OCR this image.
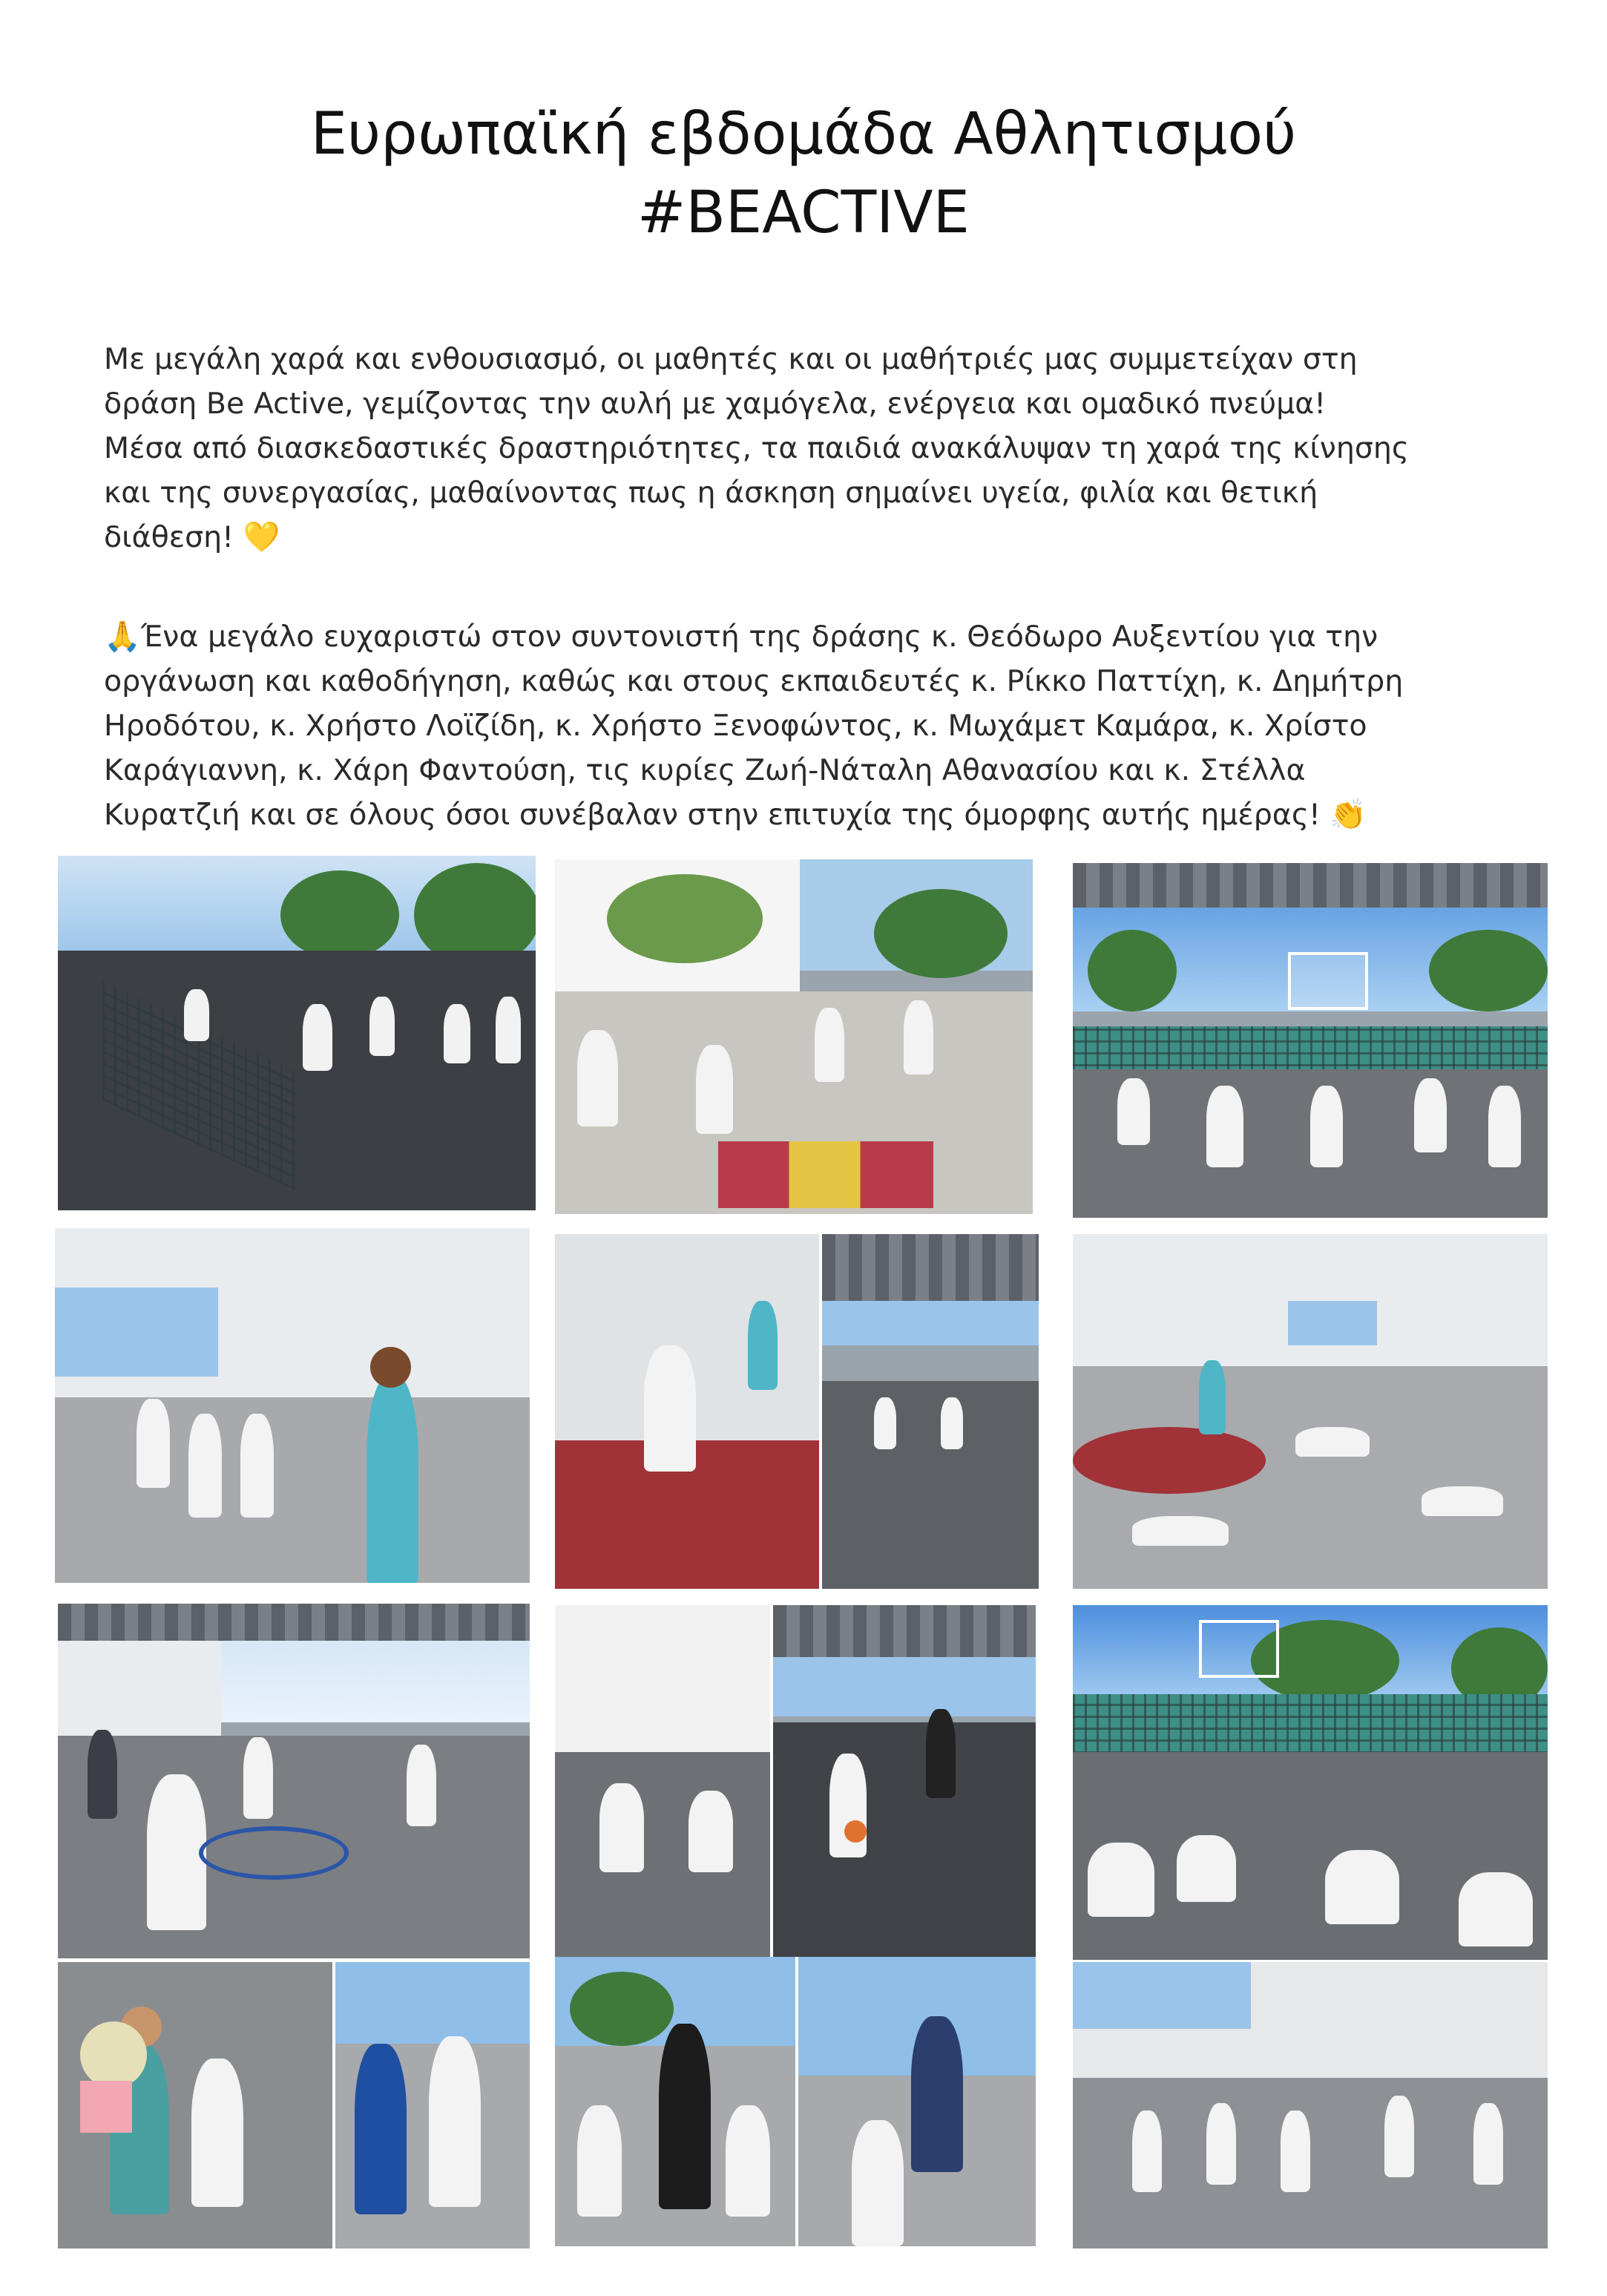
Ευρωπαϊκή εβδομάδα Αθλητισμού
#BEACTIVE
Με μεγάλη χαρά και ενθουσιασμό, οι μαθητές και οι μαθήτριές μας συμμετείχαν στη
δράση Be Active, γεμίζοντας την αυλή με χαμόγελα, ενέργεια και ομαδικό πνεύμα!
Μέσα από διασκεδαστικές δραστηριότητες, τα παιδιά ανακάλυψαν τη χαρά της κίνησης
και της συνεργασίας, μαθαίνοντας πως η άσκηση σημαίνει υγεία, φιλία και θετική
διάθεση! 💛
🙏Ένα μεγάλο ευχαριστώ στον συντονιστή της δράσης κ. Θεόδωρο Αυξεντίου για την
οργάνωση και καθοδήγηση, καθώς και στους εκπαιδευτές κ. Ρίκκο Παττίχη, κ. Δημήτρη
Ηροδότου, κ. Χρήστο Λοϊζίδη, κ. Χρήστο Ξενοφώντος, κ. Μωχάμετ Καμάρα, κ. Χρίστο
Καράγιαννη, κ. Χάρη Φαντούση, τις κυρίες Ζωή-Νάταλη Αθανασίου και κ. Στέλλα
Κυρατζιή και σε όλους όσοι συνέβαλαν στην επιτυχία της όμορφης αυτής ημέρας! 👏
